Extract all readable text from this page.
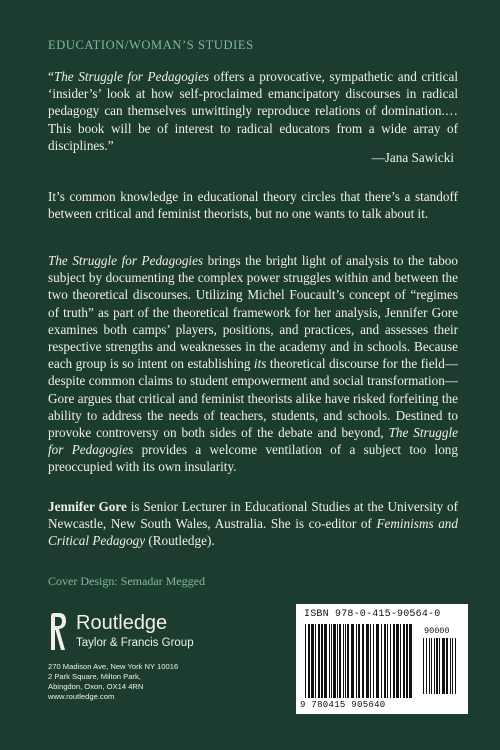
EDUCATION/WOMAN’S STUDIES

“The Struggle for Pedagogies offers a provocative, sympathetic and critical ‘insider’s’ look at how self-proclaimed emancipatory discourses in radical pedagogy can themselves unwittingly reproduce relations of domination.…This book will be of interest to radical educators from a wide array of disciplines.”

—Jana Sawicki

It’s common knowledge in educational theory circles that there’s a standoff between critical and feminist theorists, but no one wants to talk about it.

The Struggle for Pedagogies brings the bright light of analysis to the taboo subject by documenting the complex power struggles within and between the two theoretical discourses. Utilizing Michel Foucault’s concept of “regimes of truth” as part of the theoretical framework for her analysis, Jennifer Gore examines both camps’ players, positions, and practices, and assesses their respective strengths and weaknesses in the academy and in schools. Because each group is so intent on establishing its theoretical discourse for the field—despite common claims to student empowerment and social transformation—Gore argues that critical and feminist theorists alike have risked forfeiting the ability to address the needs of teachers, students, and schools. Destined to provoke controversy on both sides of the debate and beyond, The Struggle for Pedagogies provides a welcome ventilation of a subject too long preoccupied with its own insularity.

Jennifer Gore is Senior Lecturer in Educational Studies at the University of Newcastle, New South Wales, Australia. She is co-editor of Feminisms and Critical Pedagogy (Routledge).

Cover Design: Semadar Megged
Routledge
Taylor & Francis Group
270 Madison Ave, New York NY 10016
2 Park Square, Milton Park,
Abingdon, Oxon, OX14 4RN
www.routledge.com
ISBN 978-0-415-90564-0
90000
9 780415 905640
